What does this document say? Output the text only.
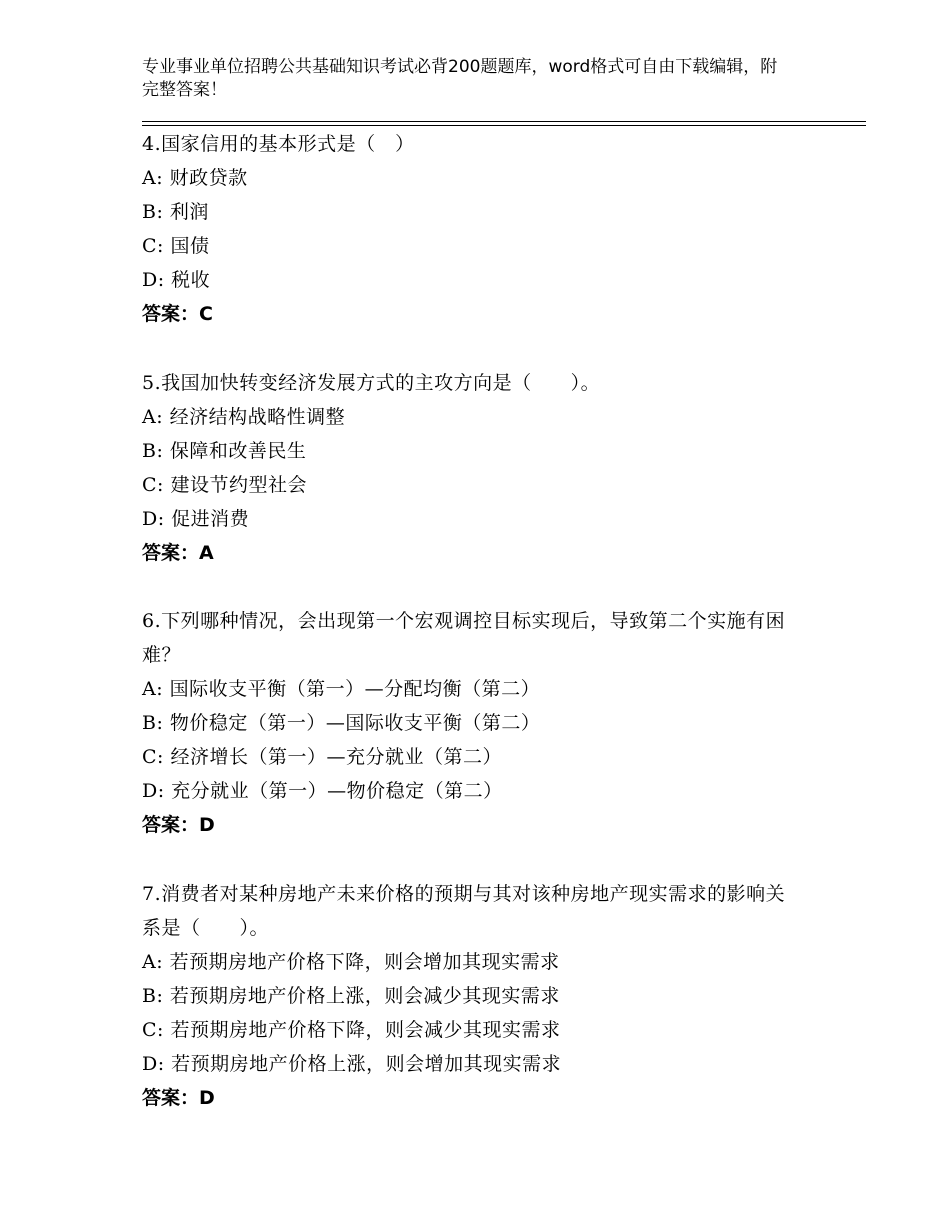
专业事业单位招聘公共基础知识考试必背200题题库，word格式可自由下载编辑，附完整答案！
4.国家信用的基本形式是（　）
A: 财政贷款
B: 利润
C: 国债
D: 税收
答案：C
5.我国加快转变经济发展方式的主攻方向是（　　）。
A: 经济结构战略性调整
B: 保障和改善民生
C: 建设节约型社会
D: 促进消费
答案：A
6.下列哪种情况，会出现第一个宏观调控目标实现后，导致第二个实施有困难？
A: 国际收支平衡（第一）—分配均衡（第二）
B: 物价稳定（第一）—国际收支平衡（第二）
C: 经济增长（第一）—充分就业（第二）
D: 充分就业（第一）—物价稳定（第二）
答案：D
7.消费者对某种房地产未来价格的预期与其对该种房地产现实需求的影响关系是（　　）。
A: 若预期房地产价格下降，则会增加其现实需求
B: 若预期房地产价格上涨，则会减少其现实需求
C: 若预期房地产价格下降，则会减少其现实需求
D: 若预期房地产价格上涨，则会增加其现实需求
答案：D
